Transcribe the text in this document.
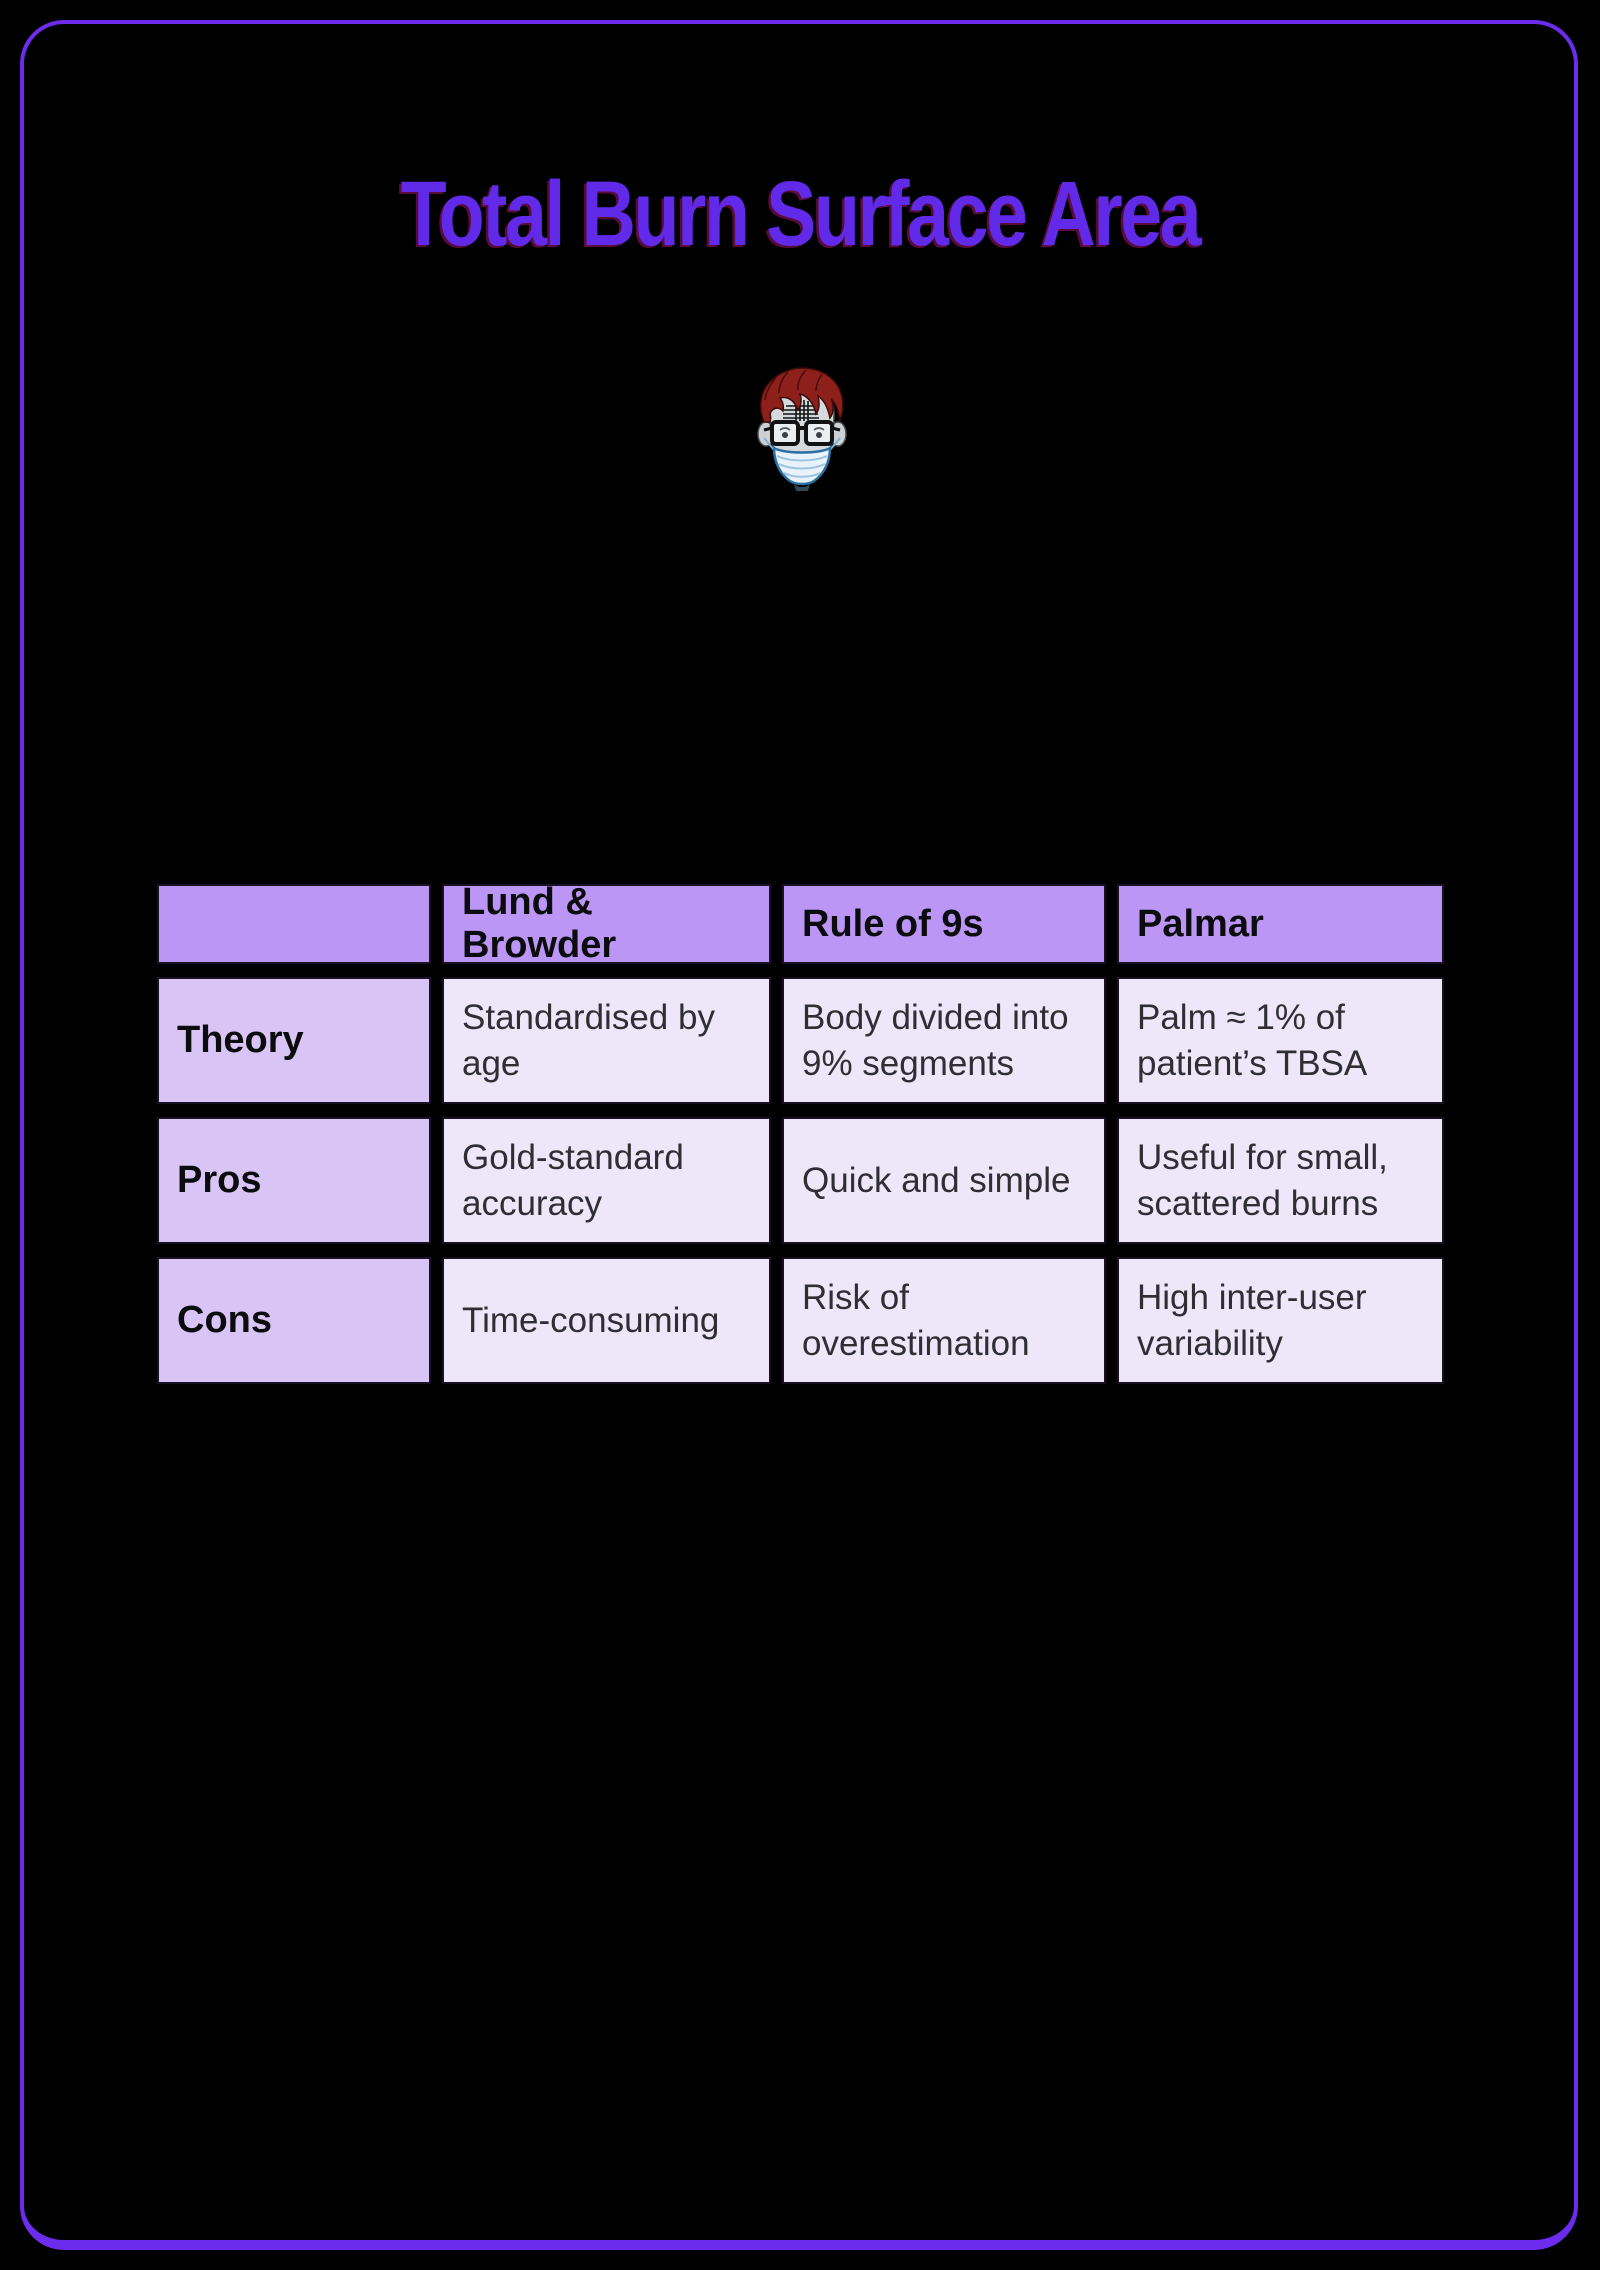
Total Burn Surface Area
Lund & Browder
Rule of 9s	Palmar
Theory
Standardised by age
Body divided into 9% segments
Palm ≈ 1% of patient’s TBSA
Pros
Gold-standard accuracy
Quick and simple
Useful for small, scattered burns
Cons	Time-consuming
Risk of overestimation
High inter-user variability
